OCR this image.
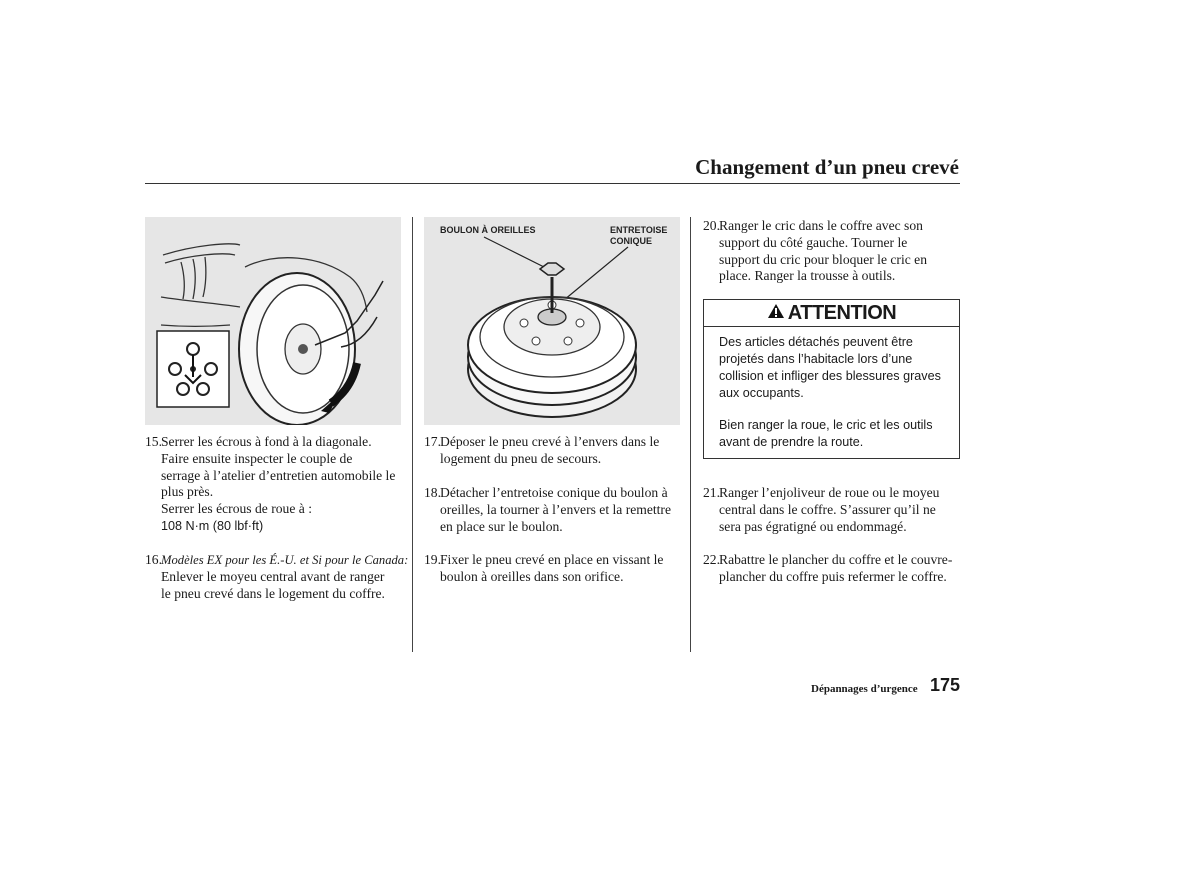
Changement d’un pneu crevé
BOULON À OREILLES	ENTRETOISE
CONIQUE
15. Serrer les écrous à fond à la diagonale.
Faire ensuite inspecter le couple de
serrage à l’atelier d’entretien automobile le
plus près.
Serrer les écrous de roue à :
108 N·m (80 lbf·ft)
16. Modèles EX pour les É.-U. et Si pour le Canada:
Enlever le moyeu central avant de ranger
le pneu crevé dans le logement du coffre.
17. Déposer le pneu crevé à l’envers dans le
logement du pneu de secours.
18. Détacher l’entretoise conique du boulon à
oreilles, la tourner à l’envers et la remettre
en place sur le boulon.
19. Fixer le pneu crevé en place en vissant le
boulon à oreilles dans son orifice.
20. Ranger le cric dans le coffre avec son
support du côté gauche. Tourner le
support du cric pour bloquer le cric en
place. Ranger la trousse à outils.
ATTENTION
Des articles détachés peuvent être projetés dans l’habitacle lors d’une collision et infliger des blessures graves aux occupants.
Bien ranger la roue, le cric et les outils avant de prendre la route.
21. Ranger l’enjoliveur de roue ou le moyeu
central dans le coffre. S’assurer qu’il ne
sera pas égratigné ou endommagé.
22. Rabattre le plancher du coffre et le couvre-
plancher du coffre puis refermer le coffre.
Dépannages d’urgence 175
